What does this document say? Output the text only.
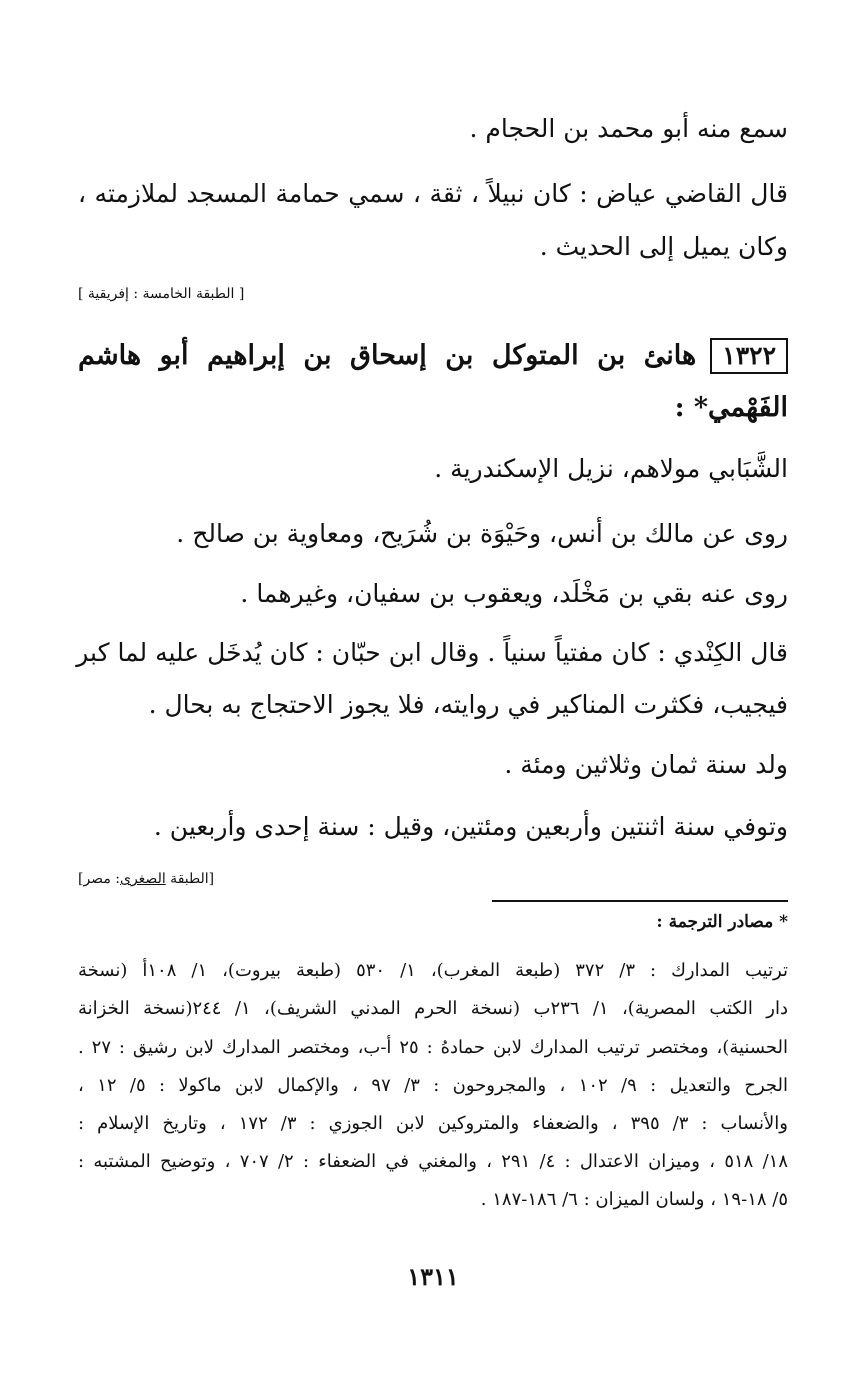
سمع منه أبو محمد بن الحجام .
قال القاضي عياض : كان نبيلاً ، ثقة ، سمي حمامة المسجد لملازمته ،
وكان يميل إلى الحديث .
[ الطبقة الخامسة : إفريقية ]
١٣٢٢هانئ بن المتوكل بن إسحاق بن إبراهيم أبو هاشم
الفَهْمي* :
الشَّبَابي مولاهم، نزيل الإسكندرية .
روى عن مالك بن أنس، وحَيْوَة بن شُرَيح، ومعاوية بن صالح .
روى عنه بقي بن مَخْلَد، ويعقوب بن سفيان، وغيرهما .
قال الكِنْدي : كان مفتياً سنياً . وقال ابن حبّان : كان يُدخَل عليه لما كبر
فيجيب، فكثرت المناكير في روايته، فلا يجوز الاحتجاج به بحال .
ولد سنة ثمان وثلاثين ومئة .
وتوفي سنة اثنتين وأربعين ومئتين، وقيل : سنة إحدى وأربعين .
[الطبقة الصغرى: مصر]
* مصادر الترجمة :
ترتيب المدارك : ٣/ ٣٧٢ (طبعة المغرب)، ١/ ٥٣٠ (طبعة بيروت)، ١/ ١٠٨أ (نسخة
دار الكتب المصرية)، ١/ ٢٣٦ب (نسخة الحرم المدني الشريف)، ١/ ٢٤٤(نسخة الخزانة
الحسنية)، ومختصر ترتيب المدارك لابن حمادهُ : ٢٥ أ-ب، ومختصر المدارك لابن رشيق : ٢٧ .
الجرح والتعديل : ٩/ ١٠٢ ، والمجروحون : ٣/ ٩٧ ، والإكمال لابن ماكولا : ٥/ ١٢ ،
والأنساب : ٣/ ٣٩٥ ، والضعفاء والمتروكين لابن الجوزي : ٣/ ١٧٢ ، وتاريخ الإسلام :
١٨/ ٥١٨ ، وميزان الاعتدال : ٤/ ٢٩١ ، والمغني في الضعفاء : ٢/ ٧٠٧ ، وتوضيح المشتبه :
٥/ ١٨-١٩ ، ولسان الميزان : ٦/ ١٨٦-١٨٧ .
١٣١١
